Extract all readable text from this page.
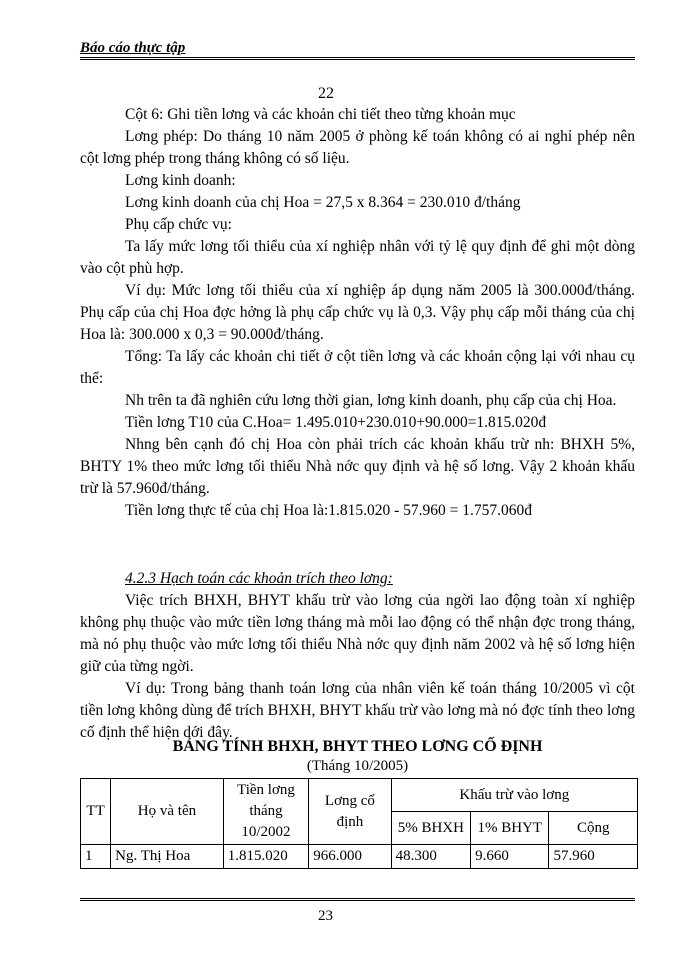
Báo cáo thực tập
22

Cột 6: Ghi tiền lơng và các khoản chi tiết theo từng khoản mục

Lơng phép: Do tháng 10 năm 2005 ở phòng kế toán không có ai nghỉ phép nên cột lơng phép trong tháng không có số liệu.

Lơng kinh doanh:

Lơng kinh doanh của chị Hoa = 27,5 x 8.364 = 230.010 đ/tháng

Phụ cấp chức vụ:

Ta lấy mức lơng tối thiểu của xí nghiệp nhân với tỷ lệ quy định để ghi một dòng vào cột phù hợp.

Ví dụ: Mức lơng tối thiểu của xí nghiệp áp dụng năm 2005 là 300.000đ/tháng. Phụ cấp của chị Hoa đợc hởng là phụ cấp chức vụ là 0,3. Vậy phụ cấp mỗi tháng của chị Hoa là: 300.000 x 0,3 = 90.000đ/tháng.

Tổng: Ta lấy các khoản chi tiết ở cột tiền lơng và các khoản cộng lại với nhau cụ thể:

Nh trên ta đã nghiên cứu lơng thời gian, lơng kinh doanh, phụ cấp của chị Hoa.

Tiền lơng T10 của C.Hoa= 1.495.010+230.010+90.000=1.815.020đ

Nhng bên cạnh đó chị Hoa còn phải trích các khoản khấu trừ nh: BHXH 5%, BHTY 1% theo mức lơng tối thiểu Nhà nớc quy định và hệ số lơng. Vậy 2 khoản khấu trừ là 57.960đ/tháng.

Tiền lơng thực tế của chị Hoa là:1.815.020 - 57.960 = 1.757.060đ

4.2.3 Hạch toán các khoản trích theo lơng:

Việc trích BHXH, BHYT khấu trừ vào lơng của ngời lao động toàn xí nghiệp không phụ thuộc vào mức tiền lơng tháng mà mỗi lao động có thể nhận đợc trong tháng, mà nó phụ thuộc vào mức lơng tối thiểu Nhà nớc quy định năm 2002 và hệ số lơng hiện giữ của từng ngời.

Ví dụ: Trong bảng thanh toán lơng của nhân viên kế toán tháng 10/2005 vì cột tiền lơng không dùng để trích BHXH, BHYT khấu trừ vào lơng mà nó đợc tính theo lơng cố định thể hiện dới đây.

BẢNG TÍNH BHXH, BHYT THEO LƠNG CỐ ĐỊNH
(Tháng 10/2005)
TT	Họ và tên	Tiền lơng tháng 10/2002	Lơng cố định	Khấu trừ vào lơng		
				5% BHXH	1% BHYT	Cộng
1	Ng. Thị Hoa	1.815.020	966.000	48.300	9.660	57.960
23
